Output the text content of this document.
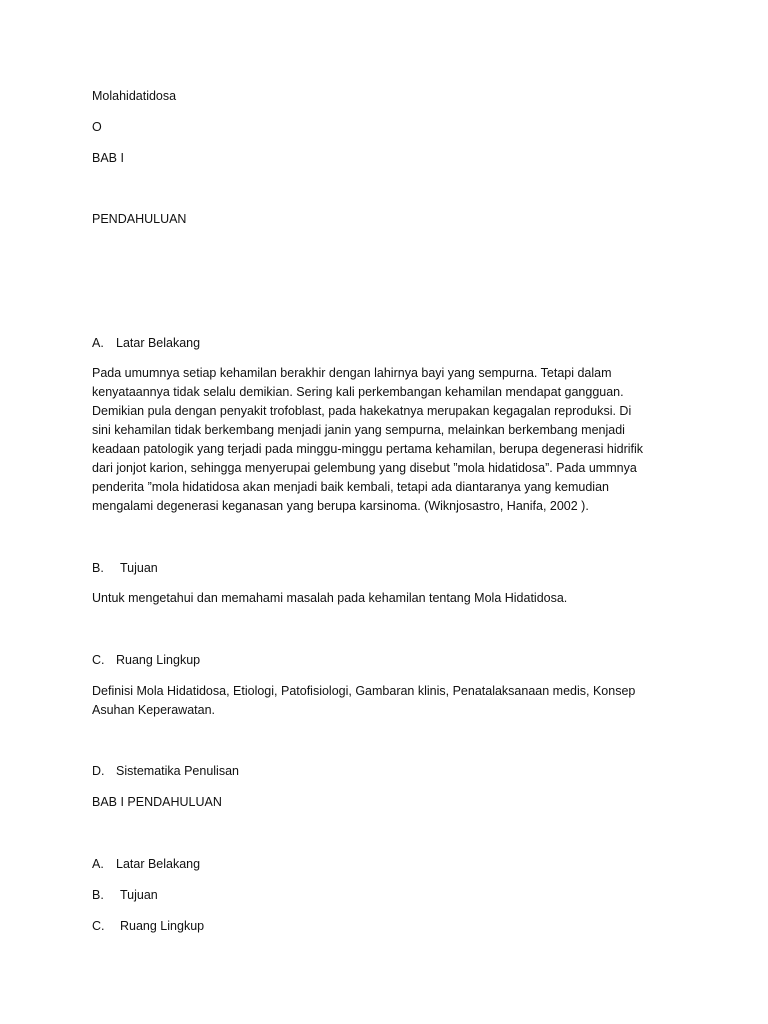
Molahidatidosa
O
BAB I
PENDAHULUAN
A. Latar Belakang
Pada umumnya setiap kehamilan berakhir dengan lahirnya bayi yang sempurna. Tetapi dalam
kenyataannya tidak selalu demikian. Sering kali perkembangan kehamilan mendapat gangguan.
Demikian pula dengan penyakit trofoblast, pada hakekatnya merupakan kegagalan reproduksi. Di
sini kehamilan tidak berkembang menjadi janin yang sempurna, melainkan berkembang menjadi
keadaan patologik yang terjadi pada minggu-minggu pertama kehamilan, berupa degenerasi hidrifik
dari jonjot karion, sehingga menyerupai gelembung yang disebut ”mola hidatidosa”. Pada ummnya
penderita ”mola hidatidosa akan menjadi baik kembali, tetapi ada diantaranya yang kemudian
mengalami degenerasi keganasan yang berupa karsinoma. (Wiknjosastro, Hanifa, 2002 ).
B. Tujuan
Untuk mengetahui dan memahami masalah pada kehamilan tentang Mola Hidatidosa.
C. Ruang Lingkup
Definisi Mola Hidatidosa, Etiologi, Patofisiologi, Gambaran klinis, Penatalaksanaan medis, Konsep
Asuhan Keperawatan.
D. Sistematika Penulisan
BAB I PENDAHULUAN
A. Latar Belakang
B. Tujuan
C. Ruang Lingkup
